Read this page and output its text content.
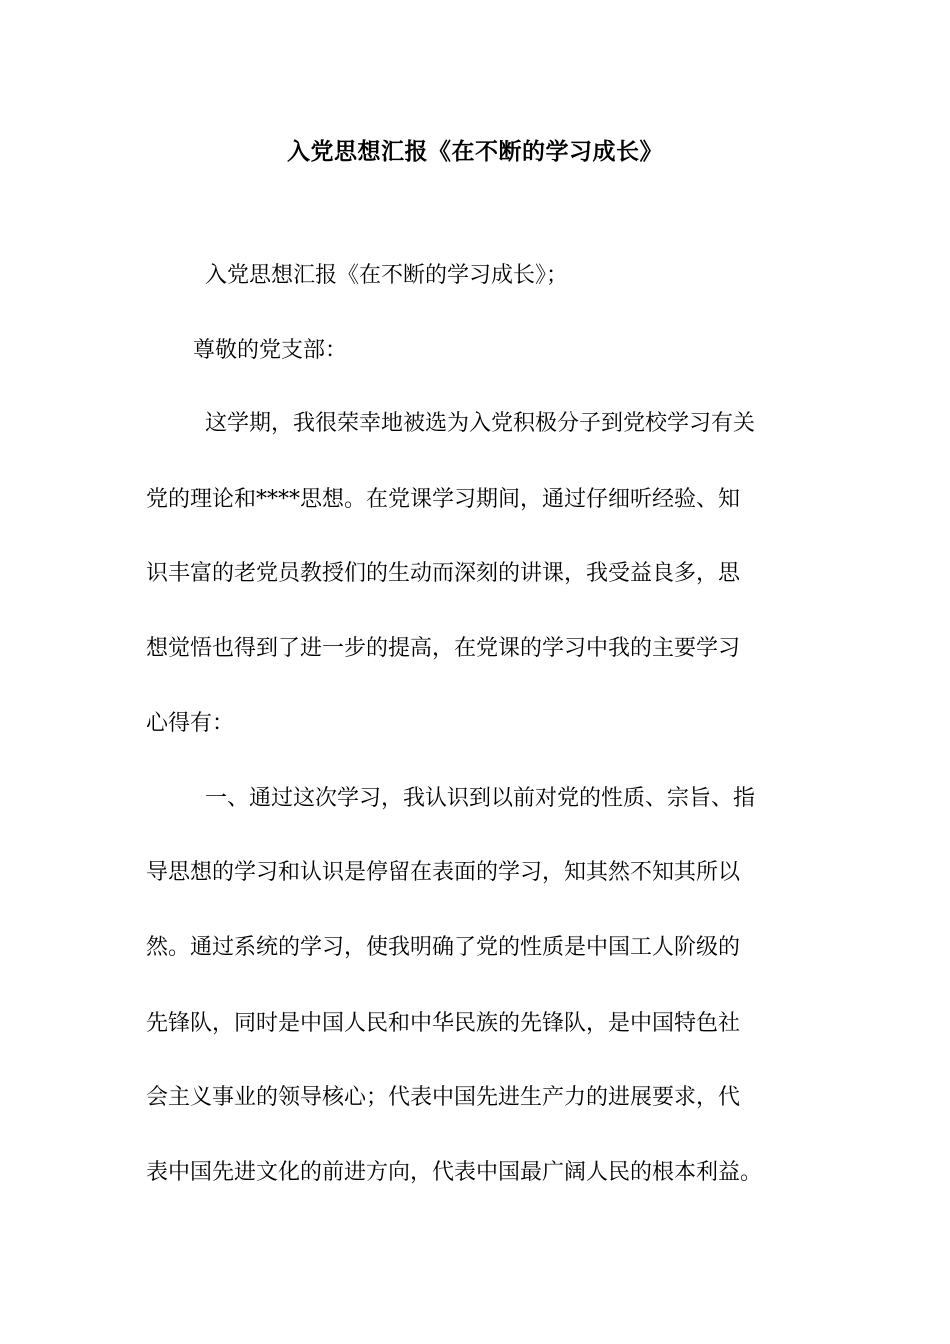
入党思想汇报《在不断的学习成长》
入党思想汇报《在不断的学习成长》；
尊敬的党支部：
这学期，我很荣幸地被选为入党积极分子到党校学习有关
党的理论和****思想。在党课学习期间，通过仔细听经验、知
识丰富的老党员教授们的生动而深刻的讲课，我受益良多，思
想觉悟也得到了进一步的提高，在党课的学习中我的主要学习
心得有：
一、通过这次学习，我认识到以前对党的性质、宗旨、指
导思想的学习和认识是停留在表面的学习，知其然不知其所以
然。通过系统的学习，使我明确了党的性质是中国工人阶级的
先锋队，同时是中国人民和中华民族的先锋队，是中国特色社
会主义事业的领导核心；代表中国先进生产力的进展要求，代
表中国先进文化的前进方向，代表中国最广阔人民的根本利益。
